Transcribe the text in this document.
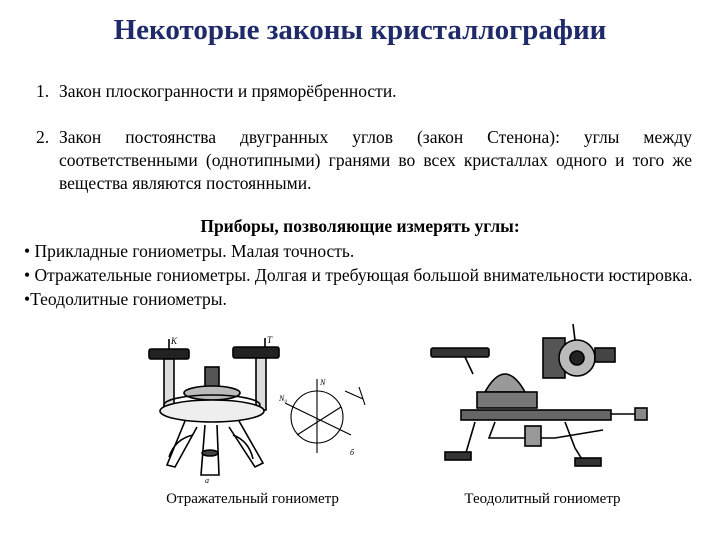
Некоторые законы кристаллографии
1. Закон плоскогранности и пряморёбренности.
2. Закон постоянства двугранных углов (закон Стенона): углы между соответственными (однотипными) гранями во всех кристаллах одного и того же вещества являются постоянными.
Приборы, позволяющие измерять углы:
• Прикладные гониометры. Малая точность.
• Отражательные гониометры. Долгая и требующая большой внимательности юстировка.
•Теодолитные гониометры.
К	Т
а
N
N₀
б
Отражательный гониометр	Теодолитный гониометр
